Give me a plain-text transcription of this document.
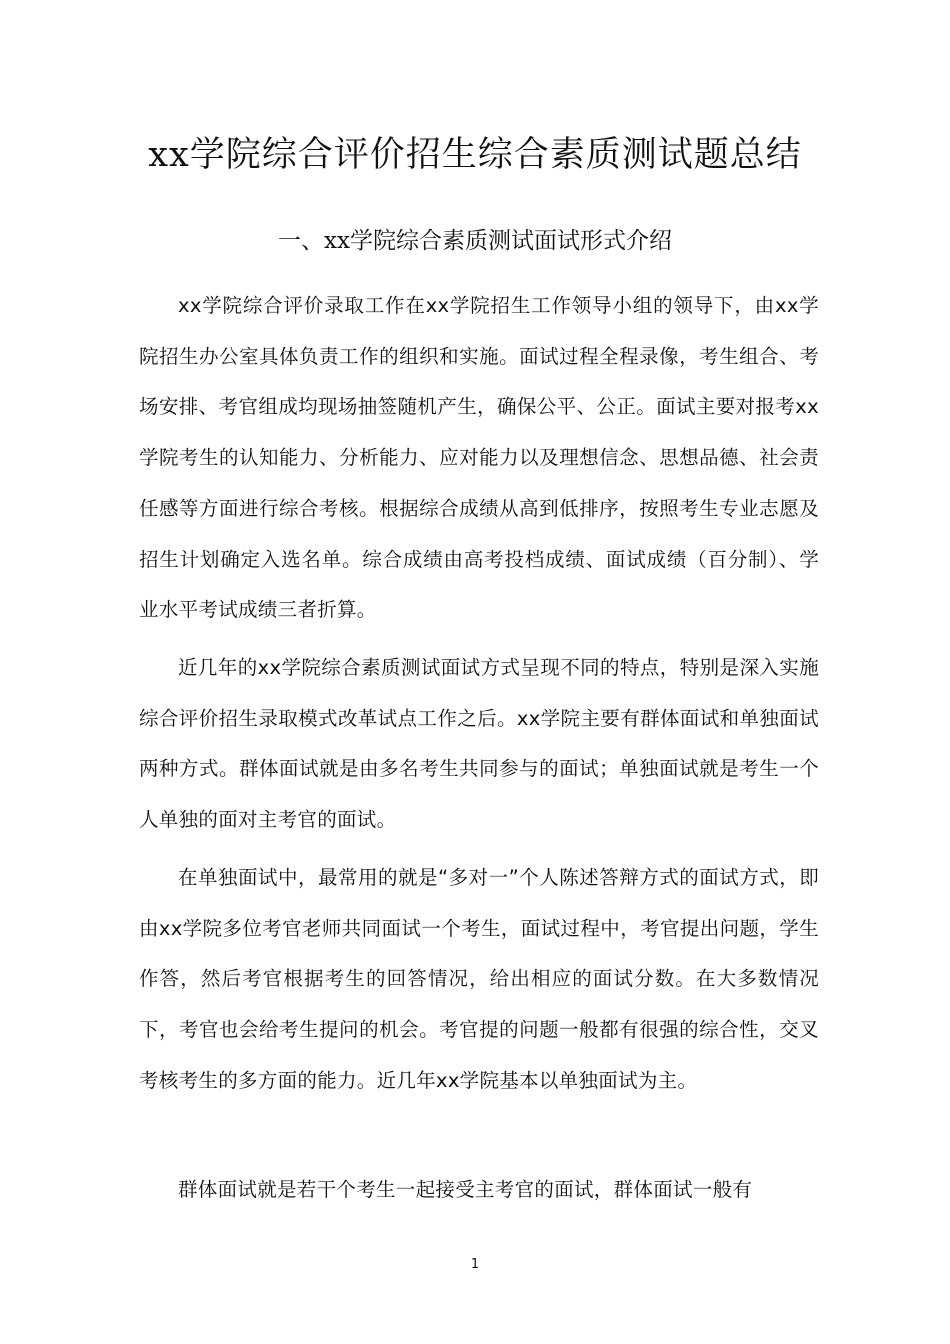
xx学院综合评价招生综合素质测试题总结
一、xx学院综合素质测试面试形式介绍

xx学院综合评价录取工作在xx学院招生工作领导小组的领导下，由xx学院招生办公室具体负责工作的组织和实施。面试过程全程录像，考生组合、考场安排、考官组成均现场抽签随机产生，确保公平、公正。面试主要对报考xx学院考生的认知能力、分析能力、应对能力以及理想信念、思想品德、社会责任感等方面进行综合考核。根据综合成绩从高到低排序，按照考生专业志愿及招生计划确定入选名单。综合成绩由高考投档成绩、面试成绩（百分制）、学业水平考试成绩三者折算。

近几年的xx学院综合素质测试面试方式呈现不同的特点，特别是深入实施综合评价招生录取模式改革试点工作之后。xx学院主要有群体面试和单独面试两种方式。群体面试就是由多名考生共同参与的面试；单独面试就是考生一个人单独的面对主考官的面试。

在单独面试中，最常用的就是“多对一”个人陈述答辩方式的面试方式，即由xx学院多位考官老师共同面试一个考生，面试过程中，考官提出问题，学生作答，然后考官根据考生的回答情况，给出相应的面试分数。在大多数情况下，考官也会给考生提问的机会。考官提的问题一般都有很强的综合性，交叉考核考生的多方面的能力。近几年xx学院基本以单独面试为主。

群体面试就是若干个考生一起接受主考官的面试，群体面试一般有

1
